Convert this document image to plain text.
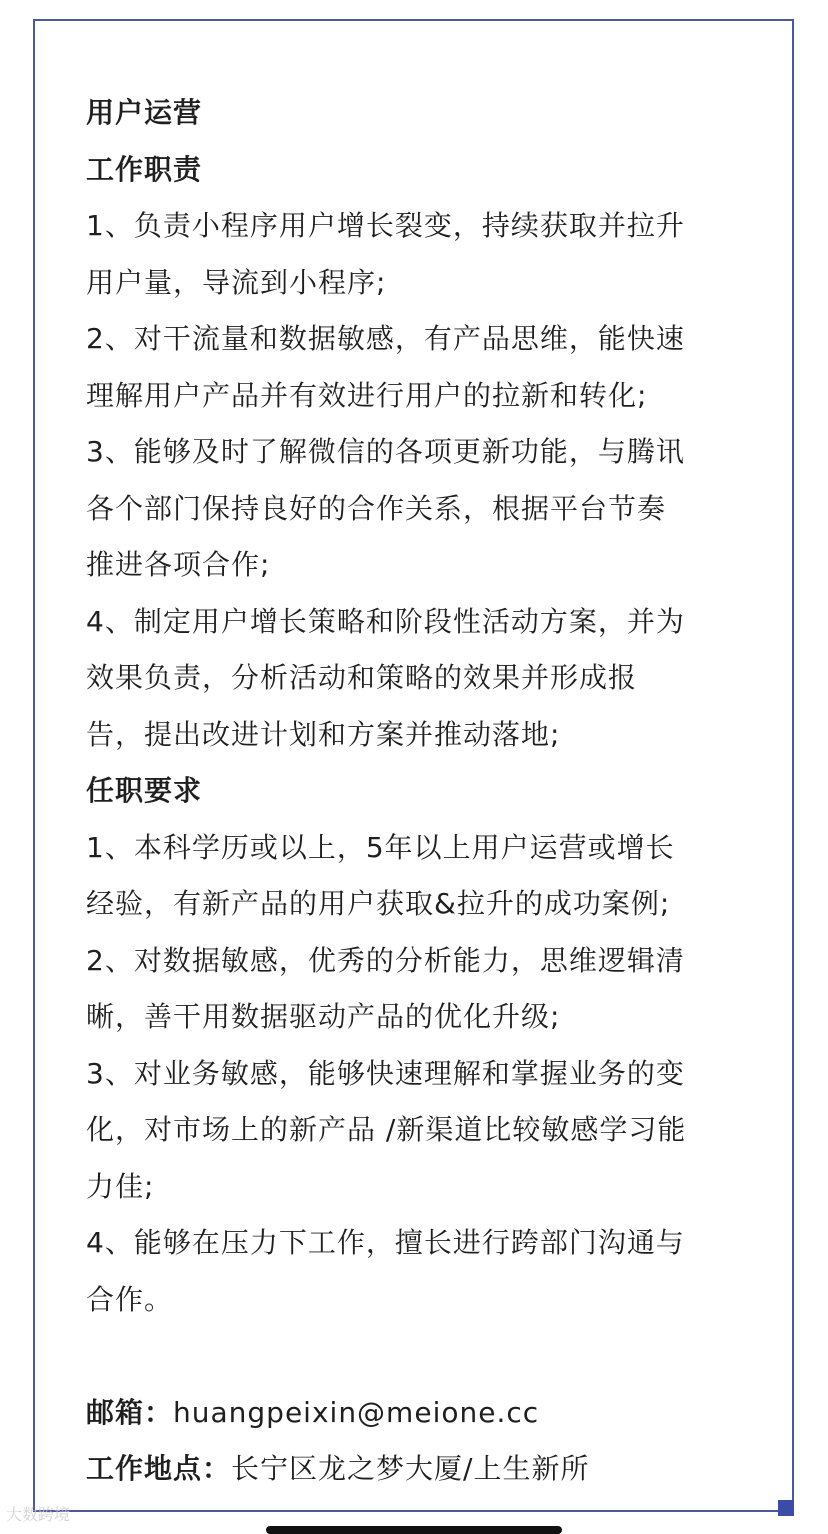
用户运营
工作职责
1、负责小程序用户增长裂变，持续获取并拉升
用户量，导流到小程序;
2、对干流量和数据敏感，有产品思维，能快速
理解用户产品并有效进行用户的拉新和转化;
3、能够及时了解微信的各项更新功能，与腾讯
各个部门保持良好的合作关系，根据平台节奏
推进各项合作;
4、制定用户增长策略和阶段性活动方案，并为
效果负责，分析活动和策略的效果并形成报
告，提出改进计划和方案并推动落地;
任职要求
1、本科学历或以上，5年以上用户运营或增长
经验，有新产品的用户获取&拉升的成功案例;
2、对数据敏感，优秀的分析能力，思维逻辑清
晰，善干用数据驱动产品的优化升级;
3、对业务敏感，能够快速理解和掌握业务的变
化，对市场上的新产品 /新渠道比较敏感学习能
力佳;
4、能够在压力下工作，擅长进行跨部门沟通与
合作。
邮箱：huangpeixin@meione.cc
工作地点：长宁区龙之梦大厦/上生新所
大数跨境
